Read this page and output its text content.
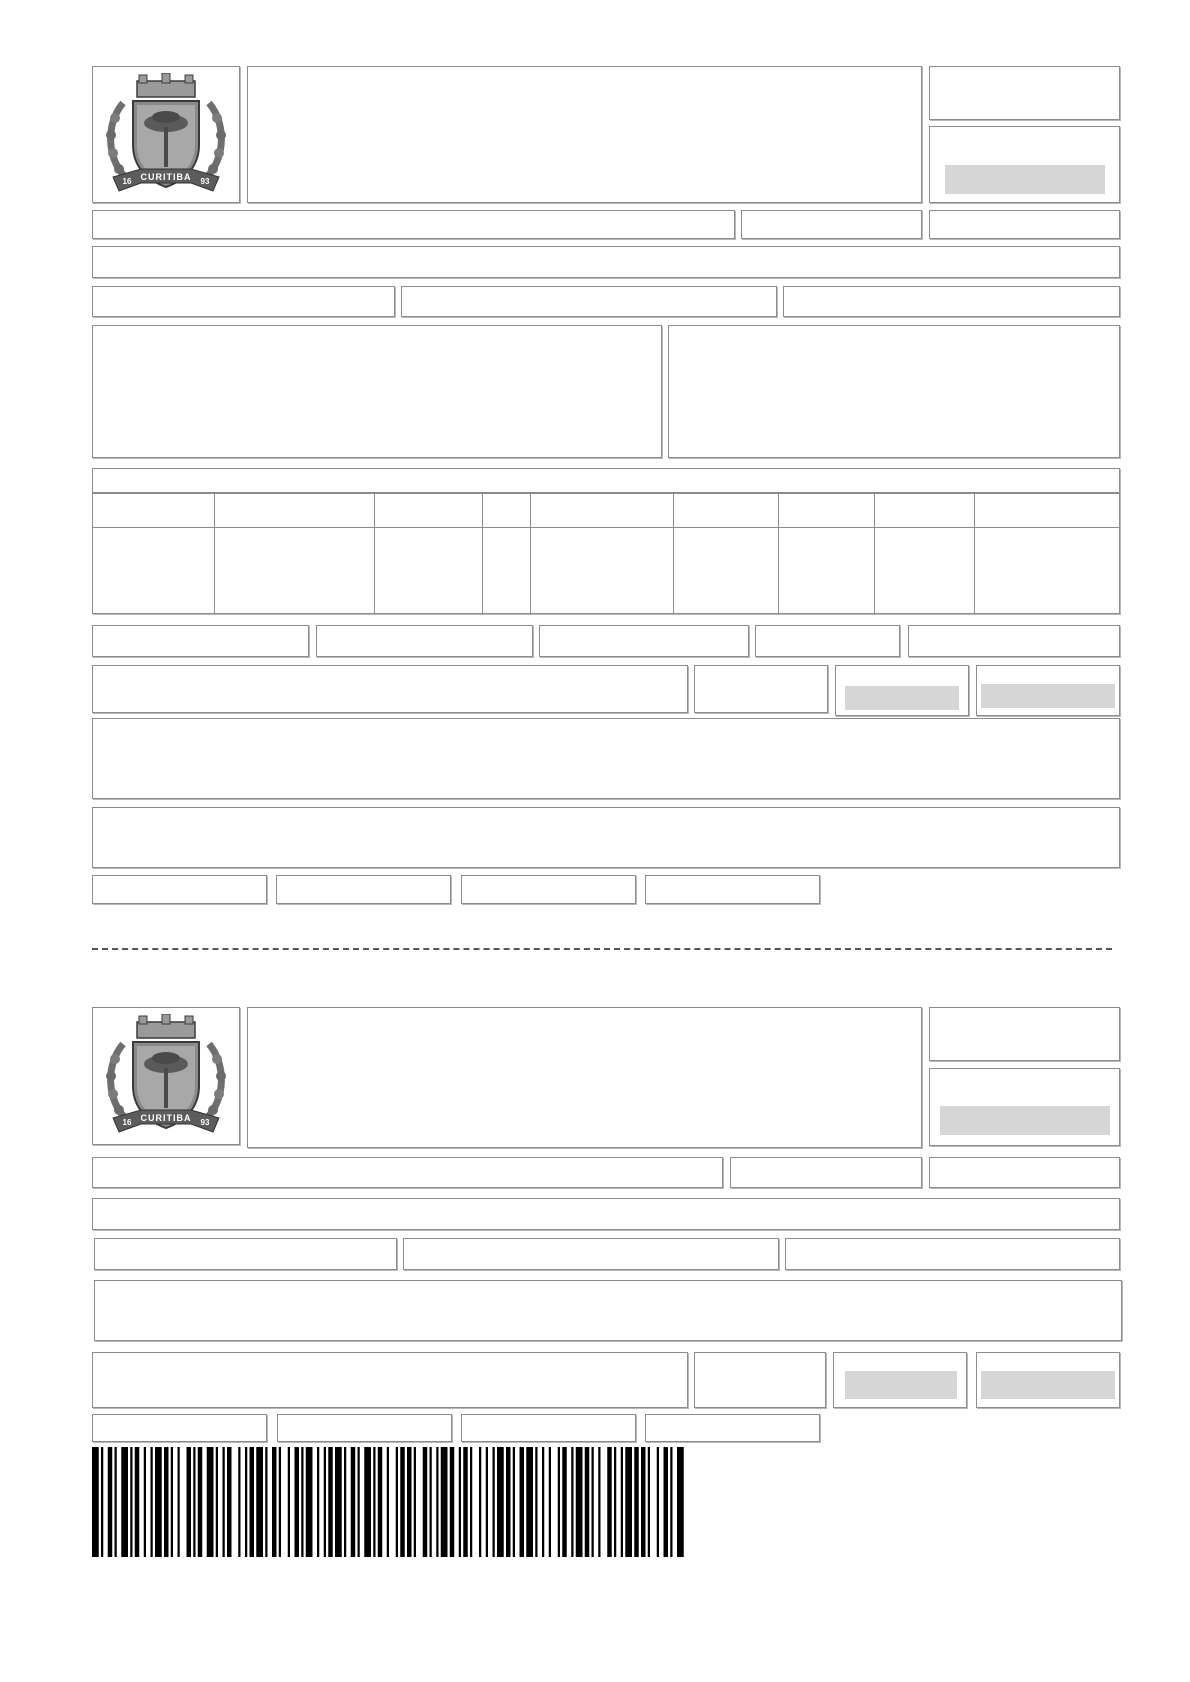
CURITIBA
16	93
CURITIBA
16	93
